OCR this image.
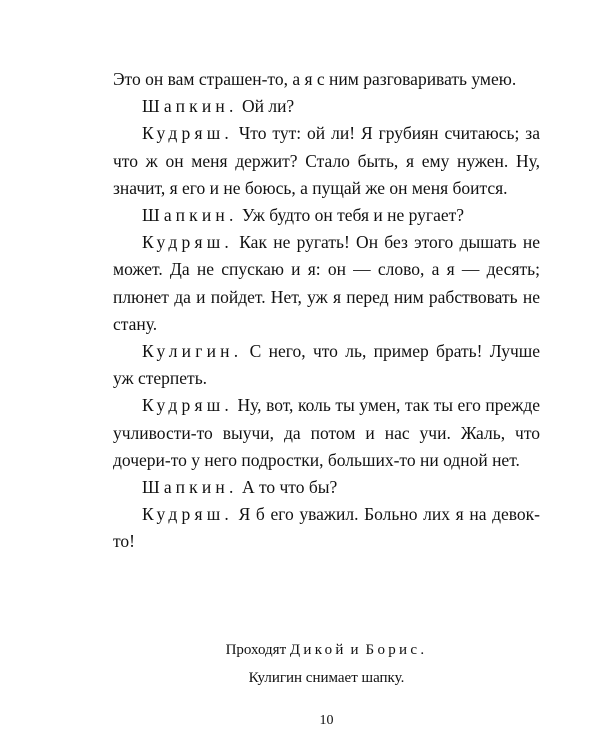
Это он вам страшен-то, а я с ним разговаривать умею.

Шапкин. Ой ли?

Кудряш. Что тут: ой ли! Я грубиян считаюсь; за что ж он меня держит? Стало быть, я ему нужен. Ну, значит, я его и не боюсь, а пущай же он меня боится.

Шапкин. Уж будто он тебя и не ругает?

Кудряш. Как не ругать! Он без этого дышать не может. Да не спускаю и я: он — слово, а я — десять; плюнет да и пойдет. Нет, уж я перед ним рабствовать не стану.

Кулигин. С него, что ль, пример брать! Лучше уж стерпеть.

Кудряш. Ну, вот, коль ты умен, так ты его прежде учливости-то выучи, да потом и нас учи. Жаль, что дочери-то у него подростки, больших-то ни одной нет.

Шапкин. А то что бы?

Кудряш. Я б его уважил. Больно лих я на девок-то!

Проходят Дикой и Борис.
Кулигин снимает шапку.
10
